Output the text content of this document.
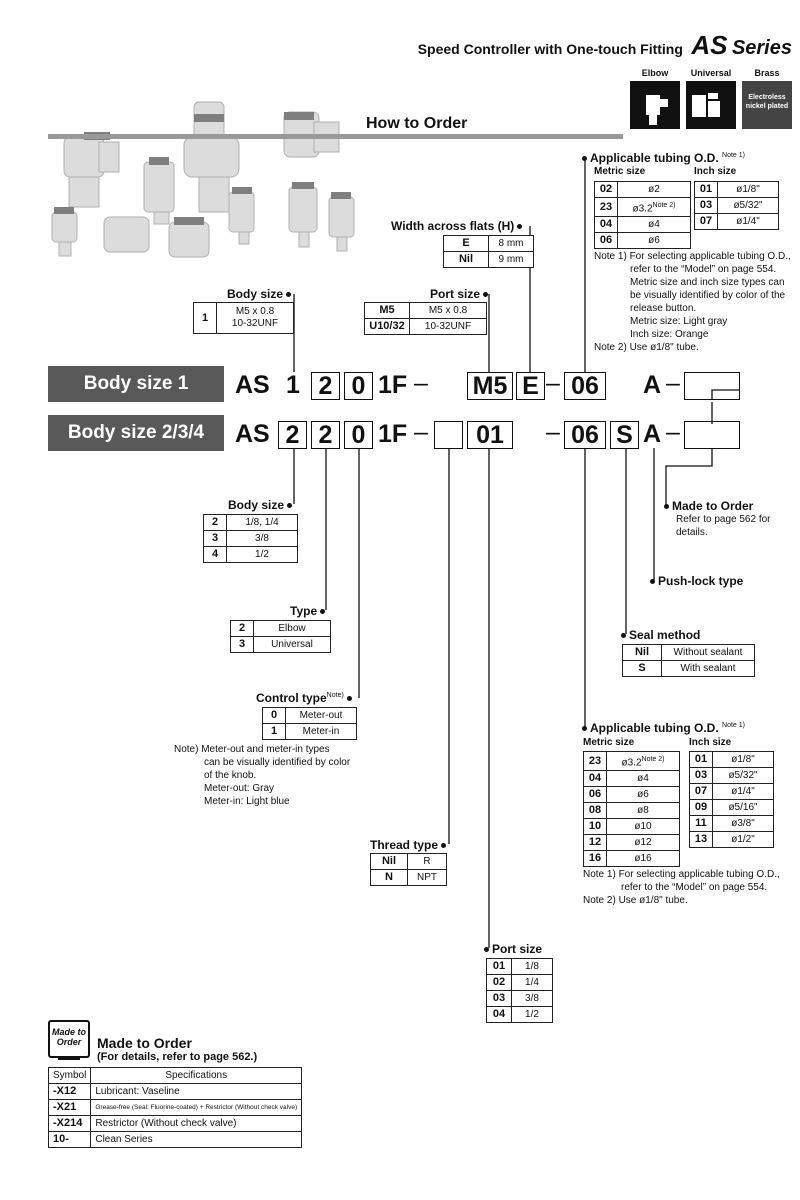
Speed Controller with One-touch Fitting AS Series
Elbow	Universal	Brass
Electroless nickel plated
How to Order
Width across flats (H)
E	8 mm
Nil	9 mm
Body size
1	M5 x 0.8
10-32UNF
Port size
M5	M5 x 0.8
U10/32	10-32UNF
Applicable tubing O.D. $^{Note 1)}$
Metric size	Inch size
02	ø2
23	$ø3.2^{Note 2)}$
04	ø4
06	ø6
01	ø1/8"
03	ø5/32"
07	ø1/4"
Note 1) For selecting applicable tubing O.D.,
refer to the “Model” on page 554.
Metric size and inch size types can
be visually identified by color of the
release button.
Metric size: Light gray
Inch size: Orange
Note 2) Use ø1/8" tube.
Body size 1
Body size 2/3/4
AS 1 2 0 1F – M5 E – 06 A –
AS 2 2 0 1F –	01	– 06 S A –
Body size
2	1/8, 1/4
3	3/8
4	1/2
Type
2	Elbow
3	Universal
Control type$^{Note)}$
0	Meter-out
1	Meter-in
Note) Meter-out and meter-in types
can be visually identified by color
of the knob.
Meter-out: Gray
Meter-in: Light blue
Thread type
Nil	R
N	NPT
Port size
01	1/8
02	1/4
03	3/8
04	1/2
Made to Order
Refer to page 562 for
details.
Push-lock type
Seal method
Nil	Without sealant
S	With sealant
Applicable tubing O.D. $^{Note 1)}$
Metric size	Inch size
23	$ø3.2^{Note 2)}$
04	ø4
06	ø6
08	ø8
10	ø10
12	ø12
16	ø16
01	ø1/8"
03	ø5/32"
07	ø1/4"
09	ø5/16"
11	ø3/8"
13	ø1/2"
Note 1) For selecting applicable tubing O.D.,
refer to the “Model” on page 554.
Note 2) Use ø1/8" tube.
Made to
Order	Made to Order
(For details, refer to page 562.)
Symbol	Specifications
-X12	Lubricant: Vaseline
-X21	Grease-free (Seal: Fluorine-coated) + Restrictor (Without check valve)
-X214	Restrictor (Without check valve)
10-	Clean Series
